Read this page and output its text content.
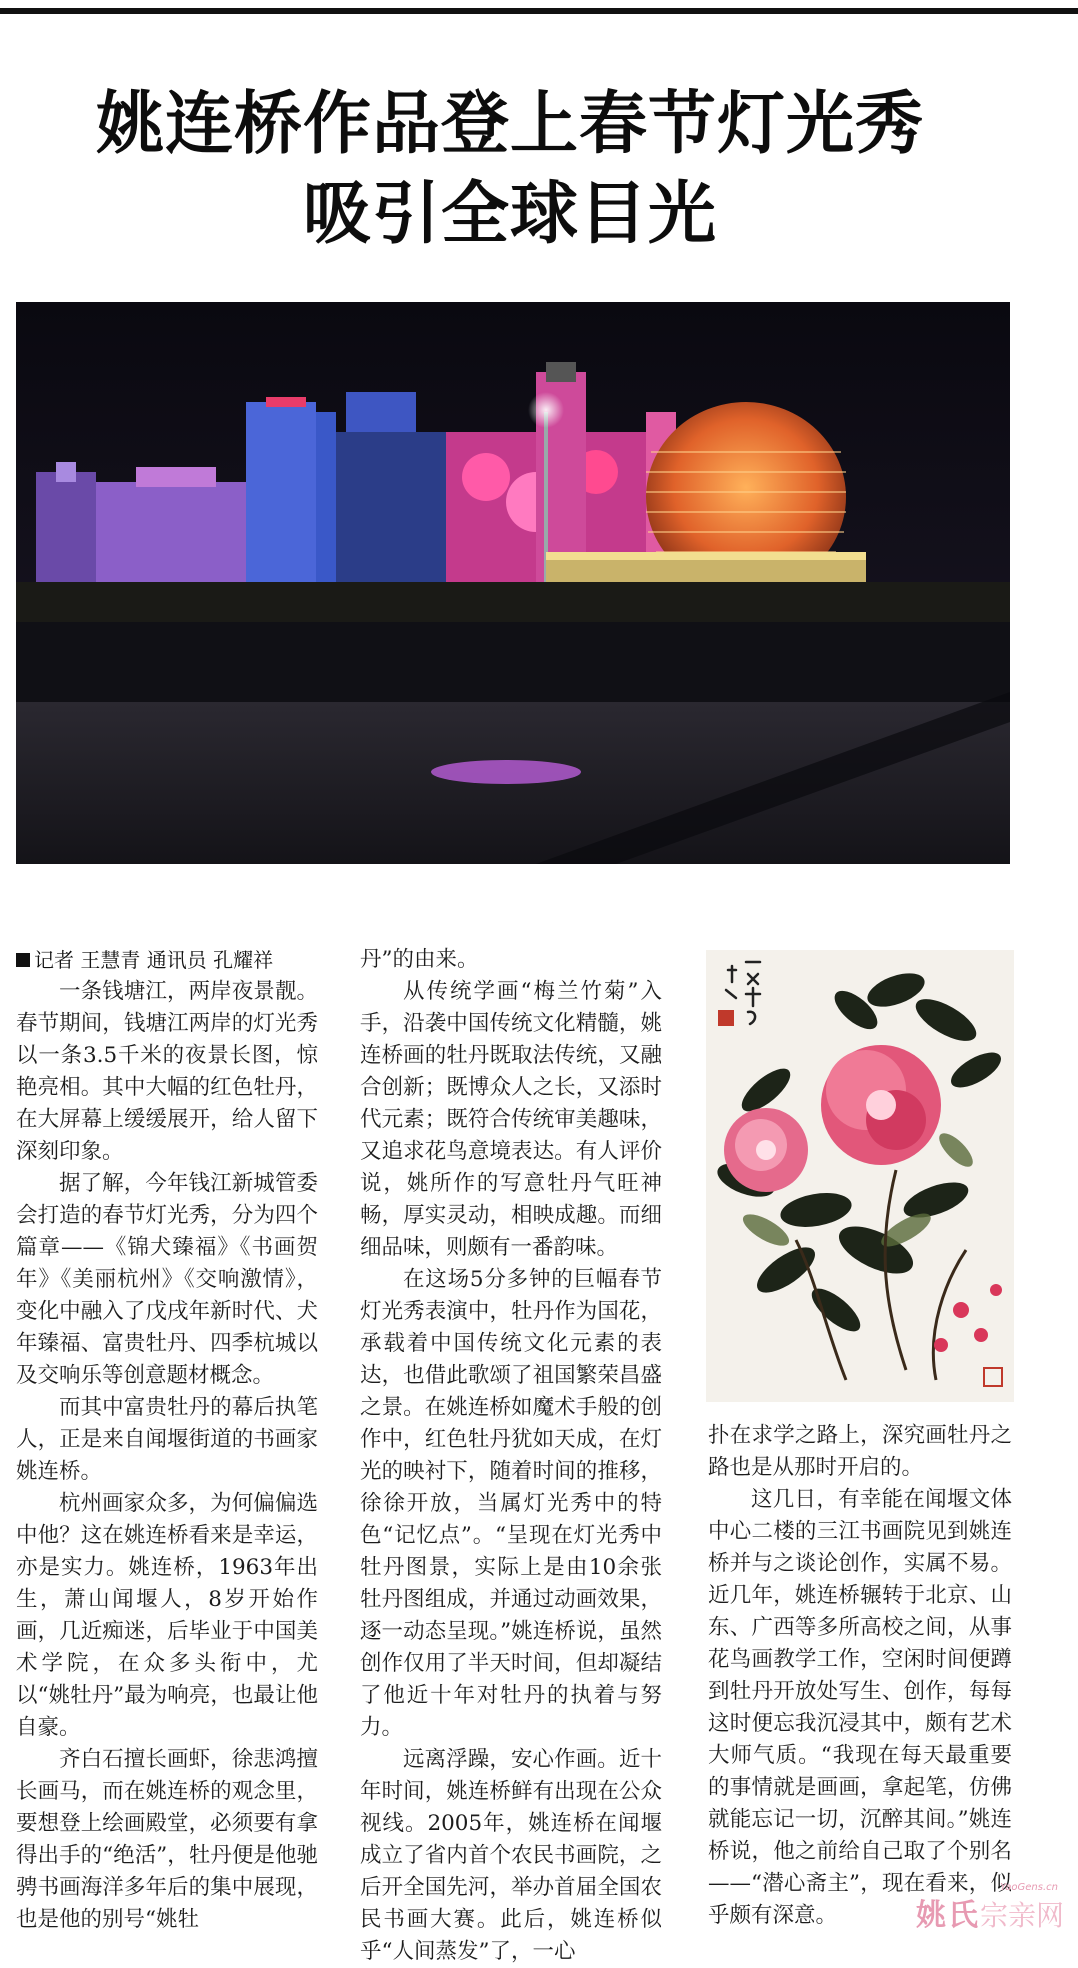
姚连桥作品登上春节灯光秀
吸引全球目光

记者 王慧青 通讯员 孔耀祥

一条钱塘江，两岸夜景靓。春节期间，钱塘江两岸的灯光秀以一条3.5千米的夜景长图，惊艳亮相。其中大幅的红色牡丹，在大屏幕上缓缓展开，给人留下深刻印象。

据了解，今年钱江新城管委会打造的春节灯光秀，分为四个篇章——《锦犬臻福》《书画贺年》《美丽杭州》《交响激情》，变化中融入了戊戌年新时代、犬年臻福、富贵牡丹、四季杭城以及交响乐等创意题材概念。

而其中富贵牡丹的幕后执笔人，正是来自闻堰街道的书画家姚连桥。

杭州画家众多，为何偏偏选中他？这在姚连桥看来是幸运，亦是实力。姚连桥，1963年出生，萧山闻堰人，8岁开始作画，几近痴迷，后毕业于中国美术学院，在众多头衔中，尤以“姚牡丹”最为响亮，也最让他自豪。

齐白石擅长画虾，徐悲鸿擅长画马，而在姚连桥的观念里，要想登上绘画殿堂，必须要有拿得出手的“绝活”，牡丹便是他驰骋书画海洋多年后的集中展现，也是他的别号“姚牡

丹”的由来。

从传统学画“梅兰竹菊”入手，沿袭中国传统文化精髓，姚连桥画的牡丹既取法传统，又融合创新；既博众人之长，又添时代元素；既符合传统审美趣味，又追求花鸟意境表达。有人评价说，姚所作的写意牡丹气旺神畅，厚实灵动，相映成趣。而细细品味，则颇有一番韵味。

在这场5分多钟的巨幅春节灯光秀表演中，牡丹作为国花，承载着中国传统文化元素的表达，也借此歌颂了祖国繁荣昌盛之景。在姚连桥如魔术手般的创作中，红色牡丹犹如天成，在灯光的映衬下，随着时间的推移，徐徐开放，当属灯光秀中的特色“记忆点”。“呈现在灯光秀中牡丹图景，实际上是由10余张牡丹图组成，并通过动画效果，逐一动态呈现。”姚连桥说，虽然创作仅用了半天时间，但却凝结了他近十年对牡丹的执着与努力。

远离浮躁，安心作画。近十年时间，姚连桥鲜有出现在公众视线。2005年，姚连桥在闻堰成立了省内首个农民书画院，之后开全国先河，举办首届全国农民书画大赛。此后，姚连桥似乎“人间蒸发”了，一心

扑在求学之路上，深究画牡丹之路也是从那时开启的。

这几日，有幸能在闻堰文体中心二楼的三江书画院见到姚连桥并与之谈论创作，实属不易。近几年，姚连桥辗转于北京、山东、广西等多所高校之间，从事花鸟画教学工作，空闲时间便蹲到牡丹开放处写生、创作，每每这时便忘我沉浸其中，颇有艺术大师气质。“我现在每天最重要的事情就是画画，拿起笔，仿佛就能忘记一切，沉醉其间。”姚连桥说，他之前给自己取了个别名——“潜心斋主”，现在看来，似乎颇有深意。

YaoGens.cn
姚氏宗亲网
